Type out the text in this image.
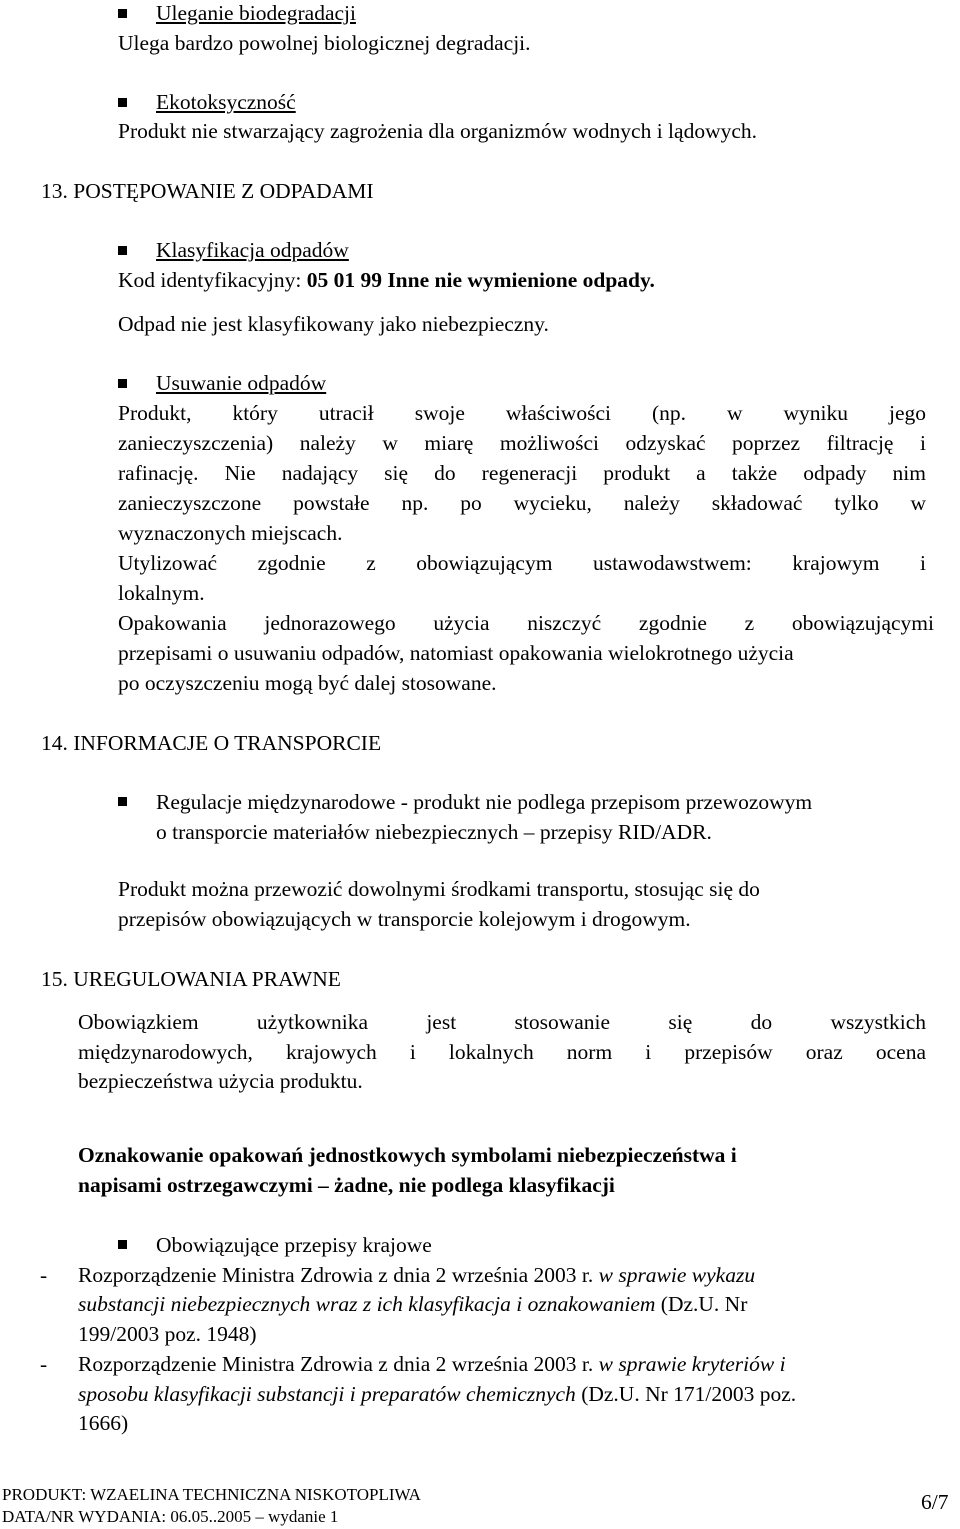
Uleganie biodegradacji
Ulega bardzo powolnej biologicznej degradacji.
Ekotoksyczność
Produkt nie stwarzający zagrożenia dla organizmów wodnych i lądowych.
13. POSTĘPOWANIE Z ODPADAMI
Klasyfikacja odpadów
Kod identyfikacyjny: 05 01 99 Inne nie wymienione odpady.
Odpad nie jest klasyfikowany jako niebezpieczny.
Usuwanie odpadów
Produkt, który utracił swoje właściwości (np. w wyniku jego
zanieczyszczenia) należy w miarę możliwości odzyskać poprzez filtrację i
rafinację. Nie nadający się do regeneracji produkt a także odpady nim
zanieczyszczone powstałe np. po wycieku, należy składować tylko w
wyznaczonych miejscach.
Utylizować zgodnie z obowiązującym ustawodawstwem: krajowym i
lokalnym.
Opakowania jednorazowego użycia niszczyć zgodnie z obowiązującymi
przepisami o usuwaniu odpadów, natomiast opakowania wielokrotnego użycia
po oczyszczeniu mogą być dalej stosowane.
14. INFORMACJE O TRANSPORCIE
Regulacje międzynarodowe - produkt nie podlega przepisom przewozowym
o transporcie materiałów niebezpiecznych – przepisy RID/ADR.
Produkt można przewozić dowolnymi środkami transportu, stosując się do
przepisów obowiązujących w transporcie kolejowym i drogowym.
15. UREGULOWANIA PRAWNE
Obowiązkiem użytkownika jest stosowanie się do wszystkich
międzynarodowych, krajowych i lokalnych norm i przepisów oraz ocena
bezpieczeństwa użycia produktu.
Oznakowanie opakowań jednostkowych symbolami niebezpieczeństwa i
napisami ostrzegawczymi – żadne, nie podlega klasyfikacji
Obowiązujące przepisy krajowe
- Rozporządzenie Ministra Zdrowia z dnia 2 września 2003 r. w sprawie wykazu
substancji niebezpiecznych wraz z ich klasyfikacja i oznakowaniem (Dz.U. Nr
199/2003 poz. 1948)
- Rozporządzenie Ministra Zdrowia z dnia 2 września 2003 r. w sprawie kryteriów i
sposobu klasyfikacji substancji i preparatów chemicznych (Dz.U. Nr 171/2003 poz.
1666)
PRODUKT: WZAELINA TECHNICZNA NISKOTOPLIWA
DATA/NR WYDANIA: 06.05..2005 – wydanie 1
6/7
